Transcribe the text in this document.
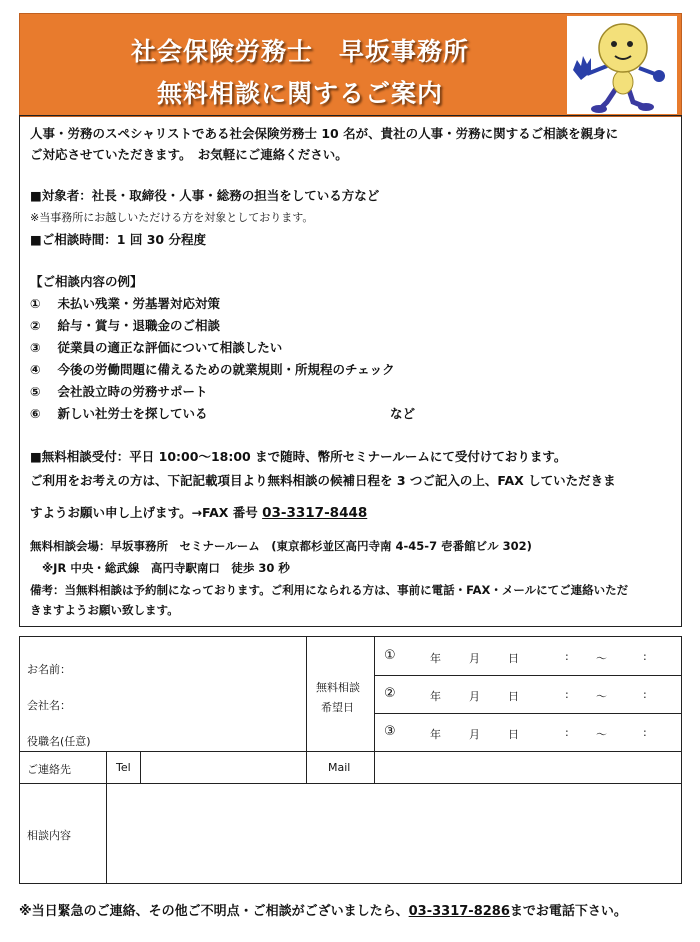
社会保険労務士　早坂事務所
無料相談に関するご案内
人事・労務のスペシャリストである社会保険労務士 10 名が、貴社の人事・労務に関するご相談を親身に
ご対応させていただきます。　お気軽にご連絡ください。
■対象者：社長・取締役・人事・総務の担当をしている方など
※当事務所にお越しいただける方を対象としております。
■ご相談時間：1 回 30 分程度
【ご相談内容の例】
①　 未払い残業・労基署対応対策
②　 給与・賞与・退職金のご相談
③　 従業員の適正な評価について相談したい
④　 今後の労働問題に備えるための就業規則・所規程のチェック
⑤　 会社設立時の労務サポート
⑥　 新しい社労士を探している	など
■無料相談受付：平日 10:00～18:00 まで随時、幣所セミナールームにて受付けております。
ご利用をお考えの方は、下記記載項目より無料相談の候補日程を 3 つご記入の上、FAX していただきま
すようお願い申し上げます。→FAX 番号 03-3317-8448
無料相談会場：早坂事務所　セミナールーム　(東京都杉並区高円寺南 4-45-7 壱番館ビル 302)
※JR 中央・総武線　高円寺駅南口　徒歩 30 秒
備考：当無料相談は予約制になっております。ご利用になられる方は、事前に電話・FAX・メールにてご連絡いただ
きますようお願い致します。
お名前：
会社名：
役職名(任意)
無料相談
希望日
①	年	月	日	: ～	:
②	年	月	日	: ～	:
③	年	月	日	: ～	:
ご連絡先	Tel	Mail
相談内容
※当日緊急のご連絡、その他ご不明点・ご相談がございましたら、03-3317-8286までお電話下さい。
